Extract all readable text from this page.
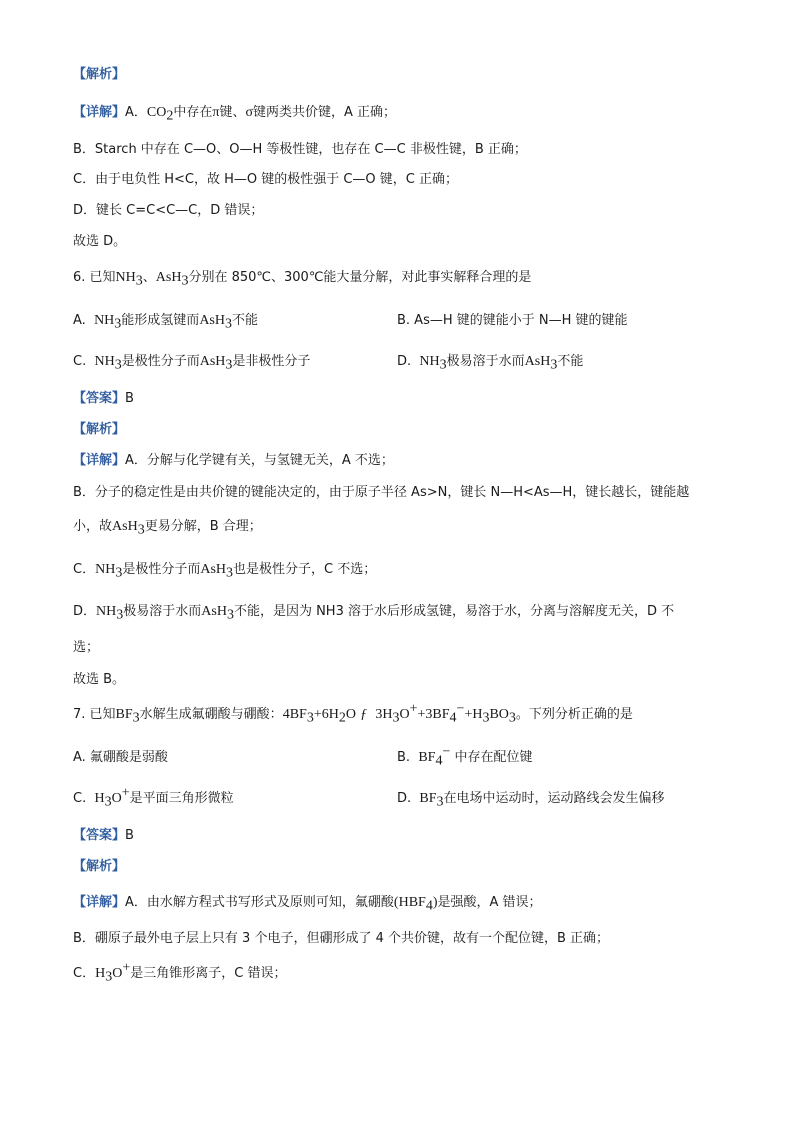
【解析】
【详解】A．$CO_2$中存在π键、σ键两类共价键，A 正确；
B．Starch 中存在 C—O、O—H 等极性键，也存在 C—C 非极性键，B 正确；
C．由于电负性 H<C，故 H—O 键的极性强于 C—O 键，C 正确；
D．键长 C=C<C—C，D 错误；
故选 D。
6. 已知$NH_3$、AsH$_3$分别在 850℃、300℃能大量分解，对此事实解释合理的是
A. $NH_3$能形成氢键而AsH$_3$不能	B. As—H 键的键能小于 N—H 键的键能
C. $NH_3$是极性分子而AsH$_3$是非极性分子	D. $NH_3$极易溶于水而AsH$_3$不能
【答案】B
【解析】
【详解】A．分解与化学键有关，与氢键无关，A 不选；
B．分子的稳定性是由共价键的键能决定的，由于原子半径 As>N，键长 N—H<As—H，键长越长，键能越
小，故AsH$_3$更易分解，B 合理；
C．$NH_3$是极性分子而AsH$_3$也是极性分子，C 不选；
D．$NH_3$极易溶于水而AsH$_3$不能，是因为 NH3 溶于水后形成氢键，易溶于水，分离与溶解度无关，D 不
选；
故选 B。
7. 已知$BF_3$水解生成氟硼酸与硼酸：$4BF_3+6H_2O$ ƒ $3H_3O^++3BF_4^-+H_3BO_3$。下列分析正确的是
A. 氟硼酸是弱酸	B. $BF_4^-$ 中存在配位键
C. $H_3O^+$是平面三角形微粒	D. $BF_3$在电场中运动时，运动路线会发生偏移
【答案】B
【解析】
【详解】A．由水解方程式书写形式及原则可知，氟硼酸$(HBF_4)$是强酸，A 错误；
B．硼原子最外电子层上只有 3 个电子，但硼形成了 4 个共价键，故有一个配位键，B 正确；
C．$H_3O^+$是三角锥形离子，C 错误；
